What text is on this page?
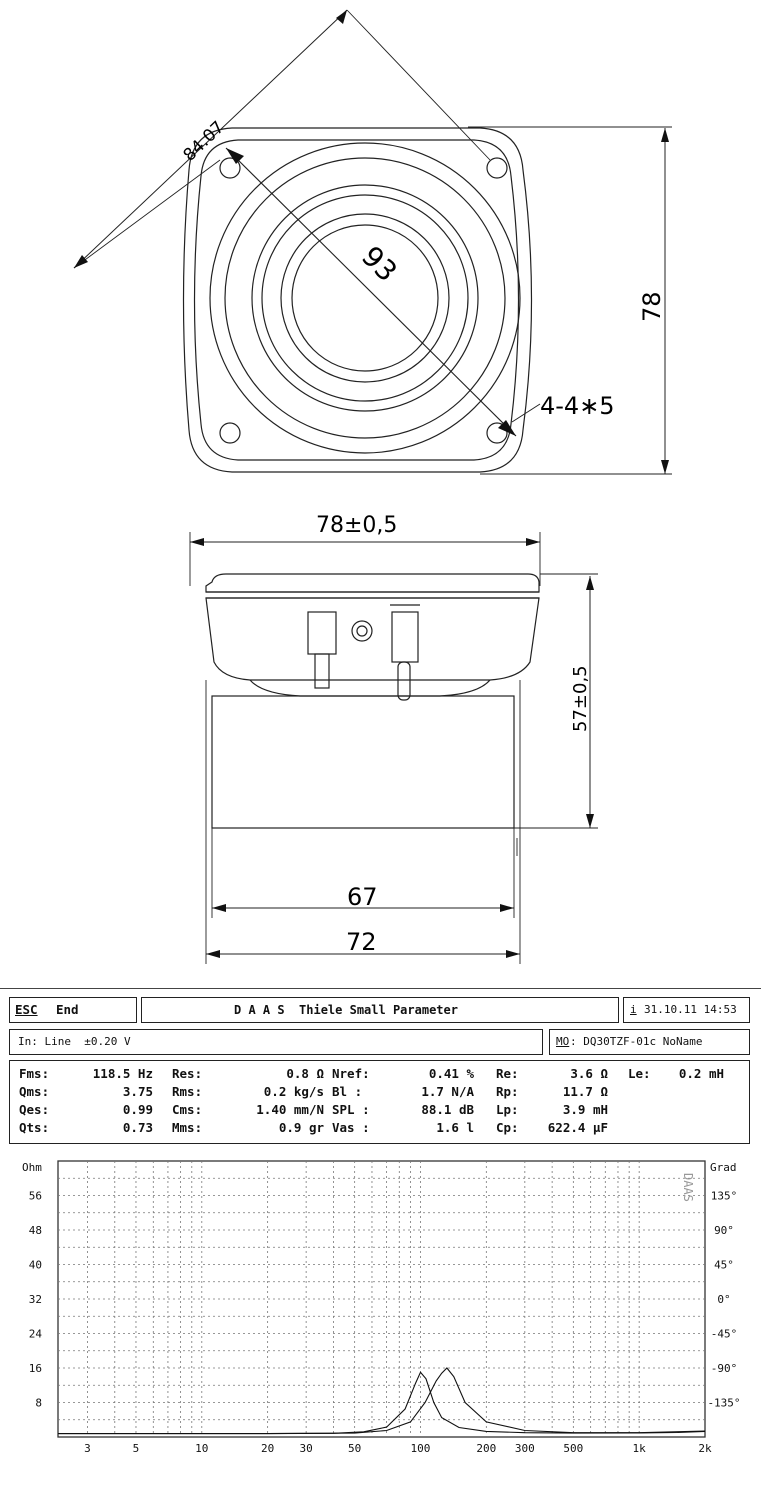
84.07
93
78
4-4∗5
78±0,5
57±0,5
67
72
ESC End	D A A S  Thiele Small Parameter	i 31.10.11 14:53
In: Line  ±0.20 V	MO : DQ30TZF-01c NoName
Fms:	118.5 Hz Res:	0.8 Ω Nref:	0.41 % Re:	3.6 Ω Le:	0.2 mH
Qms:	3.75 Rms:	0.2 kg/s Bl :	1.7 N/A Rp:	11.7 Ω
Qes:	0.99 Cms:	1.40 mm/N SPL :	88.1 dB Lp:	3.9 mH
Qts:	0.73 Mms:	0.9 gr Vas :	1.6 l Cp:	622.4 µF
Ohm
8
16
24
32
40
48
56
Grad
135°
90°
45°
0°
-45°
-90°
-135°
3	5	10	20 30	50	100	200 300	500	1k	2k
DAAS
